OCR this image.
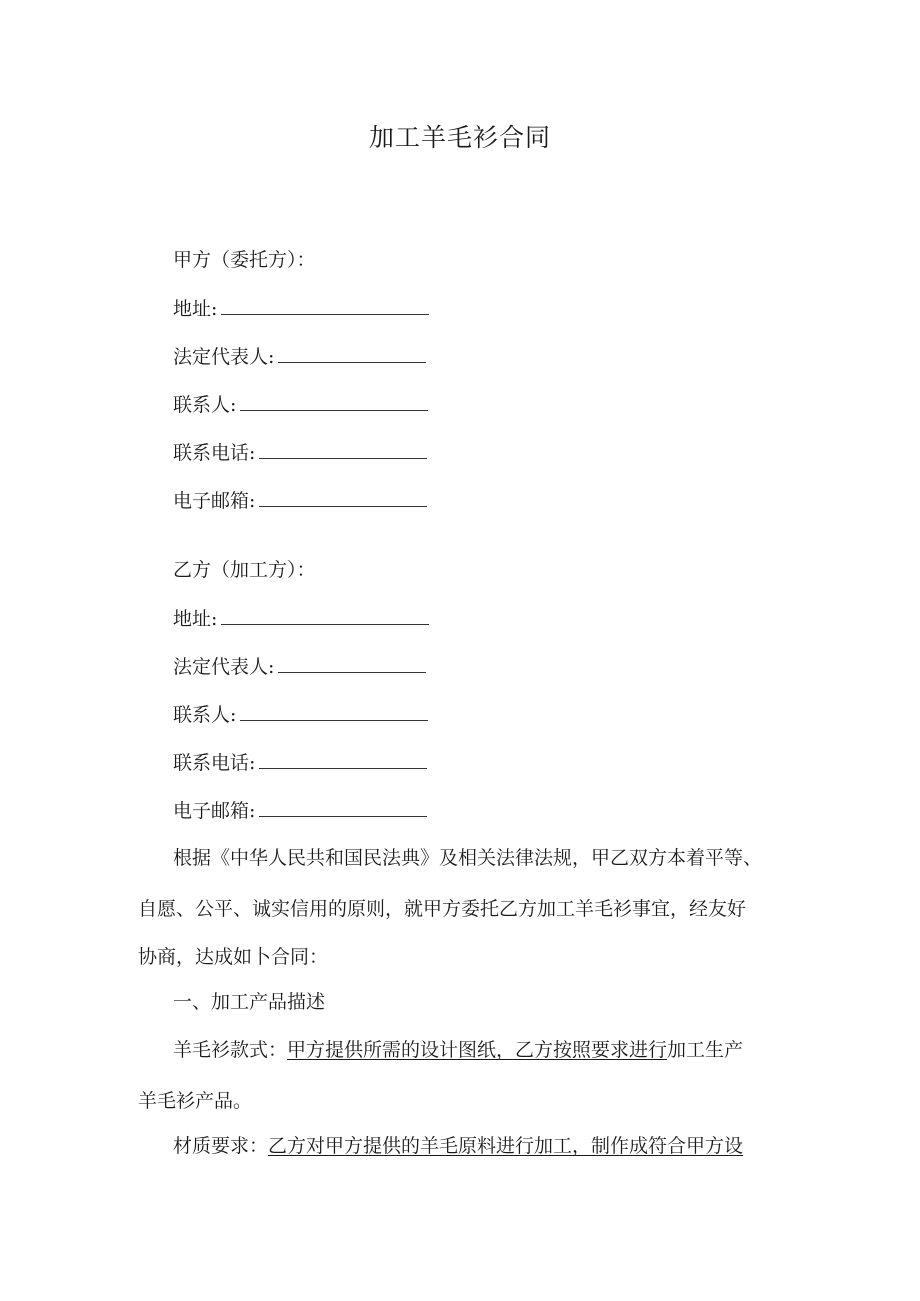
加工羊毛衫合同
甲方（委托方）：
地址:
法定代表人:
联系人:
联系电话:
电子邮箱:
乙方（加工方）：
地址:
法定代表人:
联系人:
联系电话:
电子邮箱:
根据《中华人民共和国民法典》及相关法律法规，甲乙双方本着平等、
自愿、公平、诚实信用的原则，就甲方委托乙方加工羊毛衫事宜，经友好
协商，达成如卜合同：
一、加工产品描述
羊毛衫款式：甲方提供所需的设计图纸，乙方按照要求进行加工生产
羊毛衫产品。
材质要求：乙方对甲方提供的羊毛原料进行加工，制作成符合甲方设
